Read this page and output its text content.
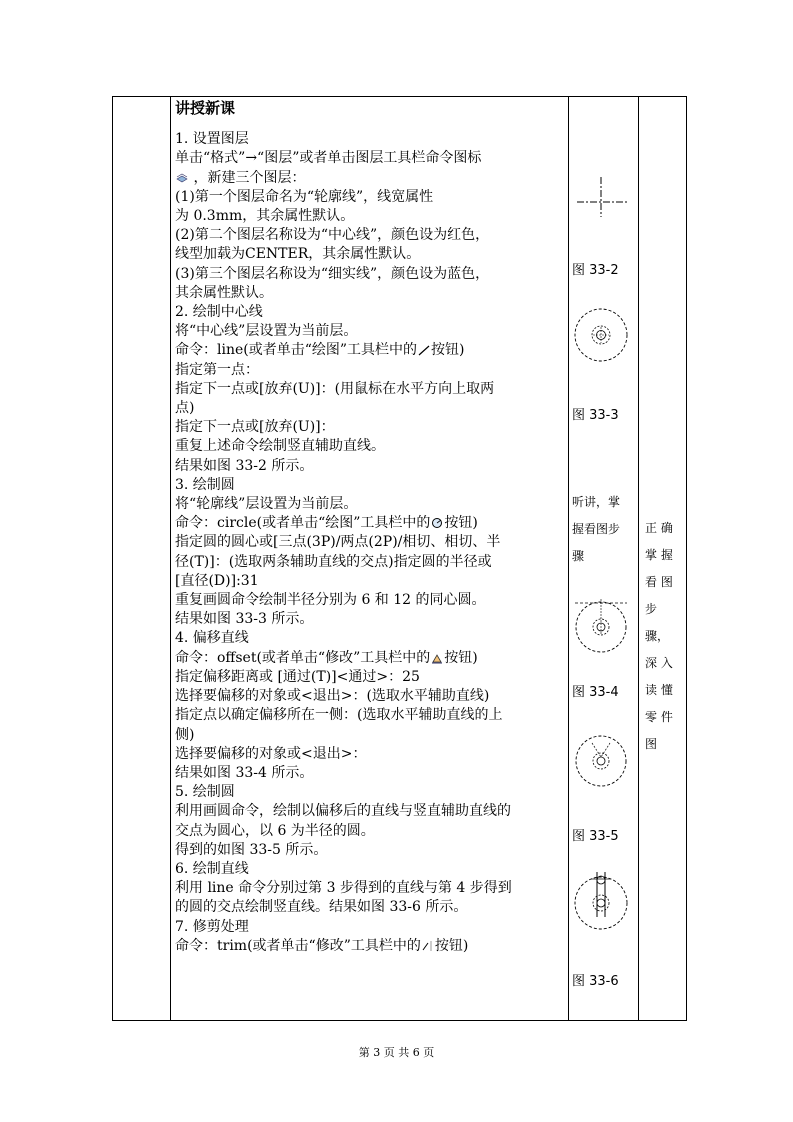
讲授新课
1. 设置图层
单击“格式”→“图层”或者单击图层工具栏命令图标
，新建三个图层：
(1)第一个图层命名为“轮廓线”，线宽属性
为 0.3mm，其余属性默认。
(2)第二个图层名称设为“中心线”，颜色设为红色，
线型加载为CENTER，其余属性默认。
(3)第三个图层名称设为“细实线”，颜色设为蓝色，
其余属性默认。
2. 绘制中心线
将“中心线”层设置为当前层。
命令：line(或者单击“绘图”工具栏中的 按钮)
指定第一点：
指定下一点或[放弃(U)]：(用鼠标在水平方向上取两
点)
指定下一点或[放弃(U)]：
重复上述命令绘制竖直辅助直线。
结果如图 33-2 所示。
3. 绘制圆
将“轮廓线”层设置为当前层。
命令：circle(或者单击“绘图”工具栏中的 按钮)
指定圆的圆心或[三点(3P)/两点(2P)/相切、相切、半
径(T)]：(选取两条辅助直线的交点)指定圆的半径或
[直径(D)]:31
重复画圆命令绘制半径分别为 6 和 12 的同心圆。
结果如图 33-3 所示。
4. 偏移直线
命令：offset(或者单击“修改”工具栏中的 按钮)
指定偏移距离或 [通过(T)]<通过>：25
选择要偏移的对象或<退出>：(选取水平辅助直线)
指定点以确定偏移所在一侧：(选取水平辅助直线的上
侧)
选择要偏移的对象或<退出>：
结果如图 33-4 所示。
5. 绘制圆
利用画圆命令，绘制以偏移后的直线与竖直辅助直线的
交点为圆心，以 6 为半径的圆。
得到的如图 33-5 所示。
6. 绘制直线
利用 line 命令分别过第 3 步得到的直线与第 4 步得到
的圆的交点绘制竖直线。结果如图 33-6 所示。
7. 修剪处理
命令：trim(或者单击“修改”工具栏中的 按钮)
图 33-2
图 33-3
听讲，掌
握看图步
骤
图 33-4
图 33-5
图 33-6
正 确
掌 握
看 图
步
骤，
深 入
读 懂
零 件
图
第 3 页 共 6 页
